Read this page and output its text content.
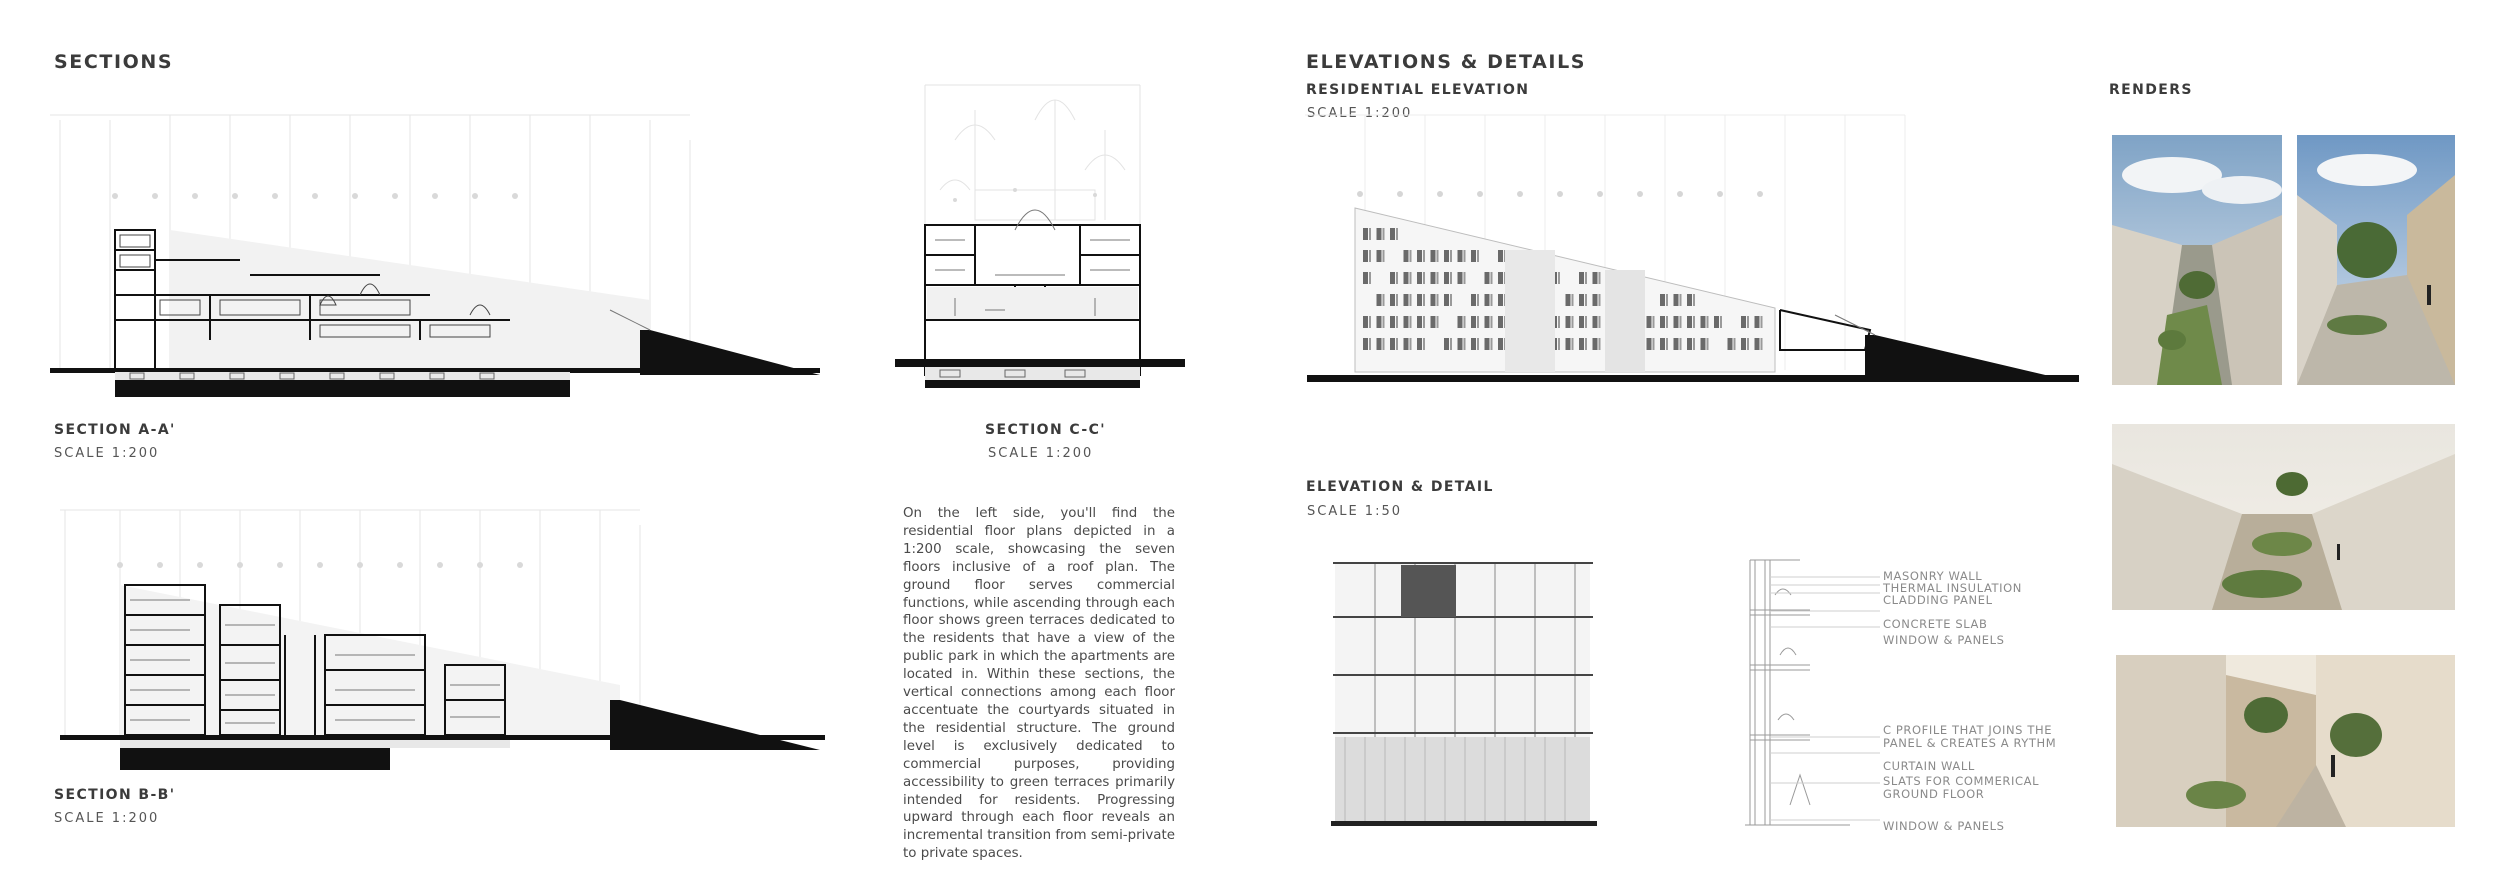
SECTIONS
SECTION A-A'
SCALE 1:200
SECTION B-B'
SCALE 1:200
SECTION C-C'
SCALE 1:200
On the left side, you'll find the residential floor plans depicted in a 1:200 scale, showcasing the seven floors inclusive of a roof plan. The ground floor serves commercial functions, while ascending through each floor shows green terraces dedicated to the residents that have a view of the public park in which the apartments are located in. Within these sections, the vertical connections among each floor accentuate the courtyards situated in the residential structure. The ground level is exclusively dedicated to commercial purposes, providing accessibility to green terraces primarily intended for residents. Progressing upward through each floor reveals an incremental transition from semi-private to private spaces.
ELEVATIONS & DETAILS
RESIDENTIAL ELEVATION
SCALE 1:200
ELEVATION & DETAIL
SCALE 1:50
MASONRY WALL
THERMAL INSULATION
CLADDING PANEL
CONCRETE SLAB
WINDOW & PANELS
C PROFILE THAT JOINS THE
PANEL & CREATES A RYTHM
CURTAIN WALL
SLATS FOR COMMERICAL
GROUND FLOOR
WINDOW & PANELS
RENDERS
